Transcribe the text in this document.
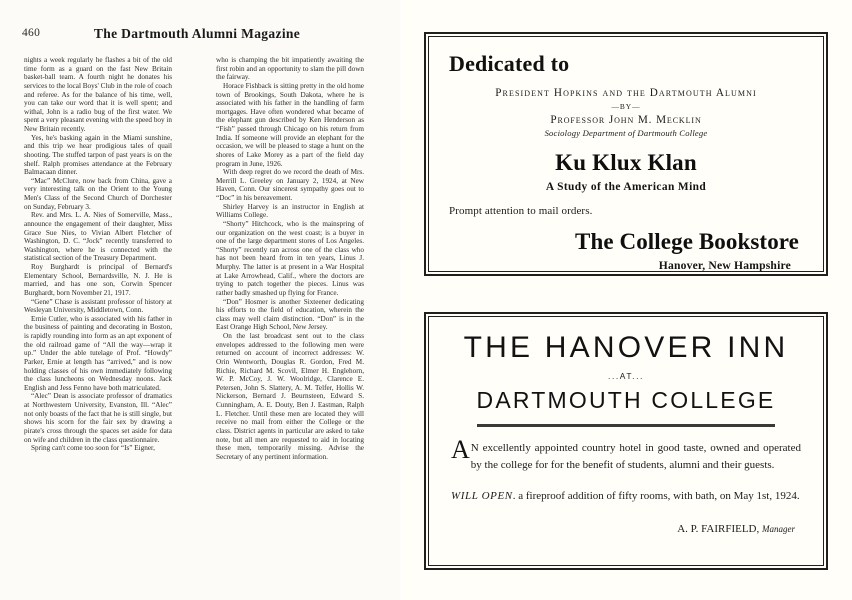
460	The Dartmouth Alumni Magazine

nights a week regularly he flashes a bit of the old time form as a guard on the fast New Britain basket-ball team. A fourth night he donates his services to the local Boys' Club in the role of coach and referee. As for the balance of his time, well, you can take our word that it is well spent; and withal, John is a radio bug of the first water. We spent a very pleasant evening with the speed boy in New Britain recently.

Yes, he's basking again in the Miami sunshine, and this trip we hear prodigious tales of quail shooting. The stuffed tarpon of past years is on the shelf. Ralph promises attendance at the February Balmacaan dinner.

“Mac” McClure, now back from China, gave a very interesting talk on the Orient to the Young Men's Class of the Second Church of Dorchester on Sunday, February 3.

Rev. and Mrs. L. A. Nies of Somerville, Mass., announce the engagement of their daughter, Miss Grace Sue Nies, to Vivian Albert Fletcher of Washington, D. C. “Jock” recently transferred to Washington, where he is connected with the statistical section of the Treasury Department.

Roy Burghardt is principal of Bernard's Elementary School, Bernardsville, N. J. He is married, and has one son, Corwin Spencer Burghardt, born November 21, 1917.

“Gene” Chase is assistant professor of history at Wesleyan University, Middletown, Conn.

Ernie Cutler, who is associated with his father in the business of painting and decorating in Boston, is rapidly rounding into form as an apt exponent of the old railroad game of “All the way—wrap it up.” Under the able tutelage of Prof. “Howdy” Parker, Ernie at length has “arrived,” and is now holding classes of his own immediately following the class luncheons on Wednesday noons. Jack English and Jess Fenno have both matriculated.

“Alec” Dean is associate professor of dramatics at Northwestern University, Evanston, Ill. “Alec” not only boasts of the fact that he is still single, but shows his scorn for the fair sex by drawing a pirate's cross through the spaces set aside for data on wife and children in the class questionnaire.

Spring can't come too soon for “Is” Eigner,

who is champing the bit impatiently awaiting the first robin and an opportunity to slam the pill down the fairway.

Horace Fishback is sitting pretty in the old home town of Brookings, South Dakota, where he is associated with his father in the handling of farm mortgages. Have often wondered what became of the elephant gun described by Ken Henderson as “Fish” passed through Chicago on his return from India. If someone will provide an elephant for the occasion, we will be pleased to stage a hunt on the shores of Lake Morey as a part of the field day program in June, 1926.

With deep regret do we record the death of Mrs. Merrill L. Greeley on January 2, 1924, at New Haven, Conn. Our sincerest sympathy goes out to “Doc” in his bereavement.

Shirley Harvey is an instructor in English at Williams College.

“Shorty” Hitchcock, who is the mainspring of our organization on the west coast; is a buyer in one of the large department stores of Los Angeles. “Shorty” recently ran across one of the class who has not been heard from in ten years, Linus J. Murphy. The latter is at present in a War Hospital at Lake Arrowhead, Calif., where the doctors are trying to patch together the pieces. Linus was rather badly smashed up flying for France.

“Don” Hosmer is another Sixteener dedicating his efforts to the field of education, wherein the class may well claim distinction. “Don” is in the East Orange High School, New Jersey.

On the last broadcast sent out to the class envelopes addressed to the following men were returned on account of incorrect addresses: W. Orin Wentworth, Douglas R. Gordon, Fred M. Richie, Richard M. Scovil, Elmer H. Englehorn, W. P. McCoy, J. W. Woolridge, Clarence E. Petersen, John S. Slattery, A. M. Telfer, Hollis W. Nickerson, Bernard J. Beurnsteen, Edward S. Cunningham, A. E. Douty, Ben J. Eastman, Ralph L. Fletcher. Until these men are located they will receive no mail from either the College or the class. District agents in particular are asked to take note, but all men are requested to aid in locating these men, temporarily missing. Advise the Secretary of any pertinent information.

Dedicated to
President Hopkins and the Dartmouth Alumni
—BY—
Professor John M. Mecklin
Sociology Department of Dartmouth College
Ku Klux Klan
A Study of the American Mind
Prompt attention to mail orders.
The College Bookstore
Hanover, New Hampshire
THE HANOVER INN
...AT...
DARTMOUTH COLLEGE

A N excellently appointed country hotel in good taste, owned and operated by the college for for the benefit of students, alumni and their guests.

WILL OPEN. a fireproof addition of fifty rooms, with bath, on May 1st, 1924.

A. P. FAIRFIELD, Manager
